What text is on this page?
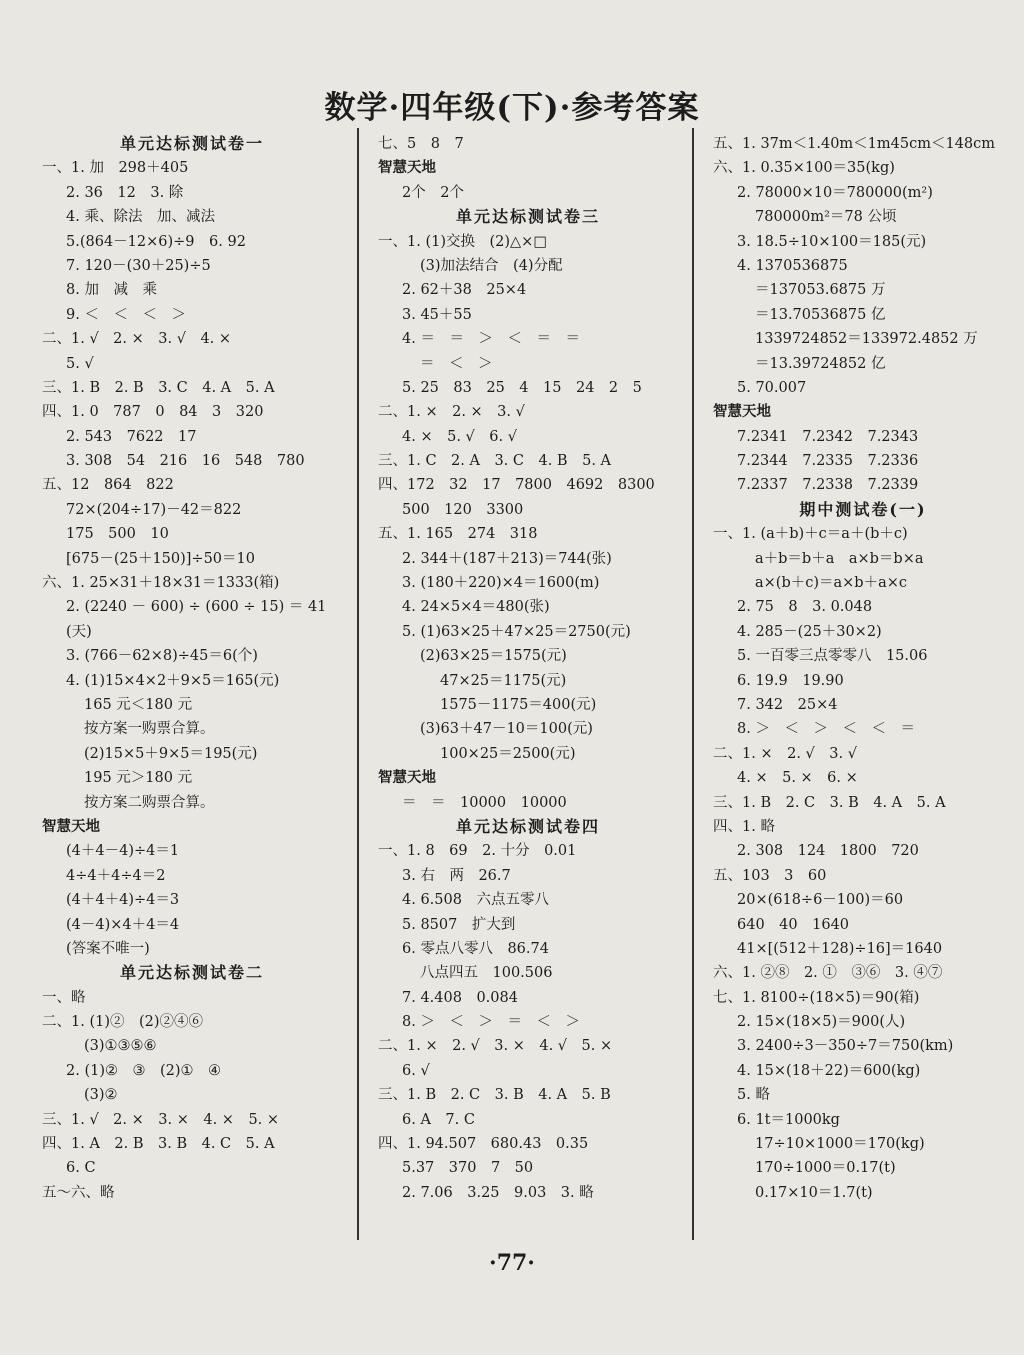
数学·四年级(下)·参考答案
单元达标测试卷一
一、1. 加　298＋405
2. 36　12　3. 除
4. 乘、除法　加、减法
5.(864－12×6)÷9　6. 92
7. 120－(30＋25)÷5
8. 加　减　乘
9. ＜　＜　＜　＞
二、1. √　2. ×　3. √　4. ×
5. √
三、1. B　2. B　3. C　4. A　5. A
四、1. 0　787　0　84　3　320
2. 543　7622　17
3. 308　54　216　16　548　780
五、12　864　822
72×(204÷17)－42＝822
175　500　10
[675－(25＋150)]÷50＝10
六、1. 25×31＋18×31＝1333(箱)
2. (2240 － 600) ÷ (600 ÷ 15) ＝ 41
(天)
3. (766－62×8)÷45＝6(个)
4. (1)15×4×2＋9×5＝165(元)
165 元＜180 元
按方案一购票合算。
(2)15×5＋9×5＝195(元)
195 元＞180 元
按方案二购票合算。
智慧天地
(4＋4－4)÷4＝1
4÷4＋4÷4＝2
(4＋4＋4)÷4＝3
(4－4)×4＋4＝4
(答案不唯一)
单元达标测试卷二
一、略
二、1. (1)②　(2)②④⑥
(3)①③⑤⑥
2. (1)②　③　(2)①　④
(3)②
三、1. √　2. ×　3. ×　4. ×　5. ×
四、1. A　2. B　3. B　4. C　5. A
6. C
五～六、略
七、5　8　7
智慧天地
2个　2个
单元达标测试卷三
一、1. (1)交换　(2)△×□
(3)加法结合　(4)分配
2. 62＋38　25×4
3. 45＋55
4. ＝　＝　＞　＜　＝　＝
＝　＜　＞
5. 25　83　25　4　15　24　2　5
二、1. ×　2. ×　3. √
4. ×　5. √　6. √
三、1. C　2. A　3. C　4. B　5. A
四、172　32　17　7800　4692　8300
500　120　3300
五、1. 165　274　318
2. 344＋(187＋213)＝744(张)
3. (180＋220)×4＝1600(m)
4. 24×5×4＝480(张)
5. (1)63×25＋47×25＝2750(元)
(2)63×25＝1575(元)
47×25＝1175(元)
1575－1175＝400(元)
(3)63＋47－10＝100(元)
100×25＝2500(元)
智慧天地
＝　＝　10000　10000
单元达标测试卷四
一、1. 8　69　2. 十分　0.01
3. 右　两　26.7
4. 6.508　六点五零八
5. 8507　扩大到
6. 零点八零八　86.74
八点四五　100.506
7. 4.408　0.084
8. ＞　＜　＞　＝　＜　＞
二、1. ×　2. √　3. ×　4. √　5. ×
6. √
三、1. B　2. C　3. B　4. A　5. B
6. A　7. C
四、1. 94.507　680.43　0.35
5.37　370　7　50
2. 7.06　3.25　9.03　3. 略
五、1. 37m＜1.40m＜1m45cm＜148cm
六、1. 0.35×100＝35(kg)
2. 78000×10＝780000(m²)
780000m²＝78 公顷
3. 18.5÷10×100＝185(元)
4. 1370536875
＝137053.6875 万
＝13.70536875 亿
1339724852＝133972.4852 万
＝13.39724852 亿
5. 70.007
智慧天地
7.2341　7.2342　7.2343
7.2344　7.2335　7.2336
7.2337　7.2338　7.2339
期中测试卷(一)
一、1. (a＋b)＋c＝a＋(b＋c)
a＋b＝b＋a　a×b＝b×a
a×(b＋c)＝a×b＋a×c
2. 75　8　3. 0.048
4. 285－(25＋30×2)
5. 一百零三点零零八　15.06
6. 19.9　19.90
7. 342　25×4
8. ＞　＜　＞　＜　＜　＝
二、1. ×　2. √　3. √
4. ×　5. ×　6. ×
三、1. B　2. C　3. B　4. A　5. A
四、1. 略
2. 308　124　1800　720
五、103　3　60
20×(618÷6－100)＝60
640　40　1640
41×[(512＋128)÷16]＝1640
六、1. ②⑧　2. ①　③⑥　3. ④⑦
七、1. 8100÷(18×5)＝90(箱)
2. 15×(18×5)＝900(人)
3. 2400÷3－350÷7＝750(km)
4. 15×(18＋22)＝600(kg)
5. 略
6. 1t＝1000kg
17÷10×1000＝170(kg)
170÷1000＝0.17(t)
0.17×10＝1.7(t)
·77·
